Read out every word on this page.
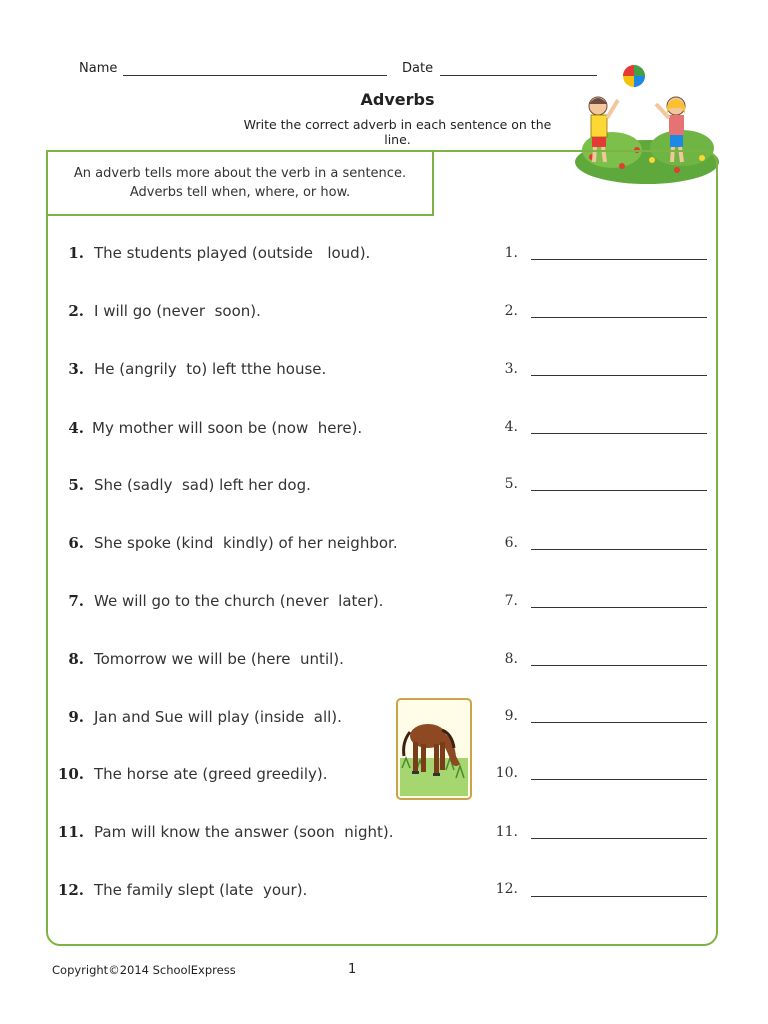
Name	Date
Adverbs
Write the correct adverb in each sentence on the line.
An adverb tells more about the verb in a sentence.
Adverbs tell when, where, or how.
1. The students played (outside   loud).	1.
2. I will go (never  soon).	2.
3. He (angrily  to) left tthe house.	3.
4. My mother will soon be (now  here).	4.
5. She (sadly  sad) left her dog.	5.
6. She spoke (kind  kindly) of her neighbor.	6.
7. We will go to the church (never  later).	7.
8. Tomorrow we will be (here  until).	8.
9. Jan and Sue will play (inside  all).	9.
10. The horse ate (greed greedily).	10.
11. Pam will know the answer (soon  night).	11.
12. The family slept (late  your).	12.
Copyright©2014 SchoolExpress	1
